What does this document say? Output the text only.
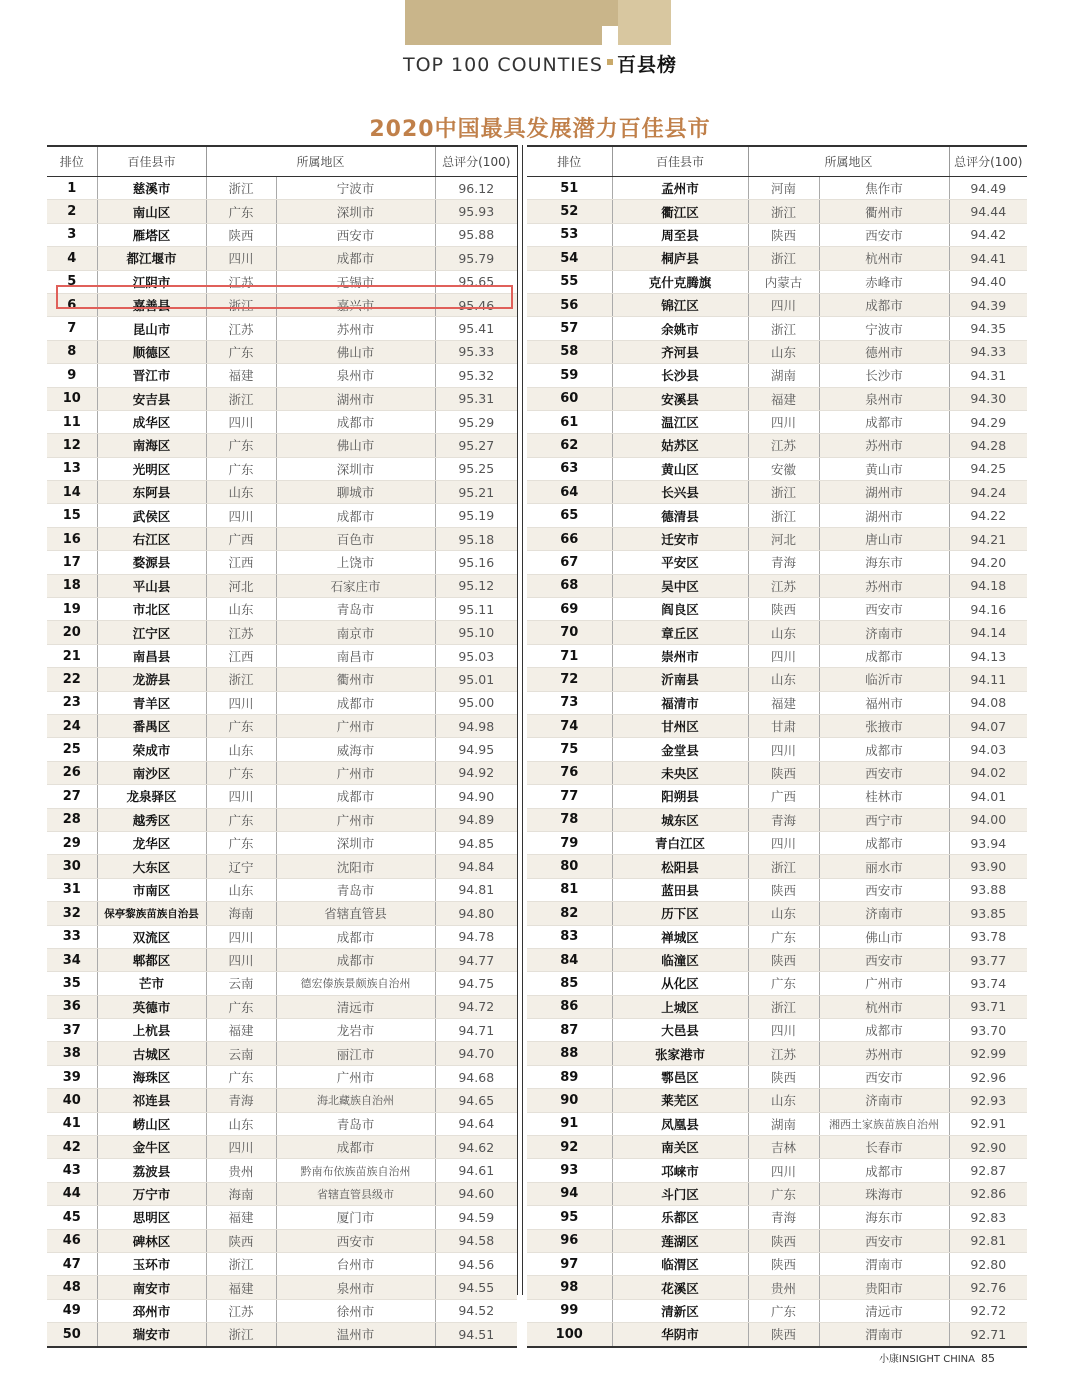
TOP 100 COUNTIES 百县榜
2020中国最具发展潜力百佳县市
排位	百佳县市	所属地区		总评分(100)
1	慈溪市	浙江	宁波市	96.12
2	南山区	广东	深圳市	95.93
3	雁塔区	陕西	西安市	95.88
4	都江堰市	四川	成都市	95.79
5	江阴市	江苏	无锡市	95.65
6	嘉善县	浙江	嘉兴市	95.46
7	昆山市	江苏	苏州市	95.41
8	顺德区	广东	佛山市	95.33
9	晋江市	福建	泉州市	95.32
10	安吉县	浙江	湖州市	95.31
11	成华区	四川	成都市	95.29
12	南海区	广东	佛山市	95.27
13	光明区	广东	深圳市	95.25
14	东阿县	山东	聊城市	95.21
15	武侯区	四川	成都市	95.19
16	右江区	广西	百色市	95.18
17	婺源县	江西	上饶市	95.16
18	平山县	河北	石家庄市	95.12
19	市北区	山东	青岛市	95.11
20	江宁区	江苏	南京市	95.10
21	南昌县	江西	南昌市	95.03
22	龙游县	浙江	衢州市	95.01
23	青羊区	四川	成都市	95.00
24	番禺区	广东	广州市	94.98
25	荣成市	山东	威海市	94.95
26	南沙区	广东	广州市	94.92
27	龙泉驿区	四川	成都市	94.90
28	越秀区	广东	广州市	94.89
29	龙华区	广东	深圳市	94.85
30	大东区	辽宁	沈阳市	94.84
31	市南区	山东	青岛市	94.81
32	保亭黎族苗族自治县	海南	省辖直管县	94.80
33	双流区	四川	成都市	94.78
34	郫都区	四川	成都市	94.77
35	芒市	云南	德宏傣族景颇族自治州	94.75
36	英德市	广东	清远市	94.72
37	上杭县	福建	龙岩市	94.71
38	古城区	云南	丽江市	94.70
39	海珠区	广东	广州市	94.68
40	祁连县	青海	海北藏族自治州	94.65
41	崂山区	山东	青岛市	94.64
42	金牛区	四川	成都市	94.62
43	荔波县	贵州	黔南布依族苗族自治州	94.61
44	万宁市	海南	省辖直管县级市	94.60
45	思明区	福建	厦门市	94.59
46	碑林区	陕西	西安市	94.58
47	玉环市	浙江	台州市	94.56
48	南安市	福建	泉州市	94.55
49	邳州市	江苏	徐州市	94.52
50	瑞安市	浙江	温州市	94.51
排位	百佳县市	所属地区		总评分(100)
51	孟州市	河南	焦作市	94.49
52	衢江区	浙江	衢州市	94.44
53	周至县	陕西	西安市	94.42
54	桐庐县	浙江	杭州市	94.41
55	克什克腾旗	内蒙古	赤峰市	94.40
56	锦江区	四川	成都市	94.39
57	余姚市	浙江	宁波市	94.35
58	齐河县	山东	德州市	94.33
59	长沙县	湖南	长沙市	94.31
60	安溪县	福建	泉州市	94.30
61	温江区	四川	成都市	94.29
62	姑苏区	江苏	苏州市	94.28
63	黄山区	安徽	黄山市	94.25
64	长兴县	浙江	湖州市	94.24
65	德清县	浙江	湖州市	94.22
66	迁安市	河北	唐山市	94.21
67	平安区	青海	海东市	94.20
68	吴中区	江苏	苏州市	94.18
69	阎良区	陕西	西安市	94.16
70	章丘区	山东	济南市	94.14
71	崇州市	四川	成都市	94.13
72	沂南县	山东	临沂市	94.11
73	福清市	福建	福州市	94.08
74	甘州区	甘肃	张掖市	94.07
75	金堂县	四川	成都市	94.03
76	未央区	陕西	西安市	94.02
77	阳朔县	广西	桂林市	94.01
78	城东区	青海	西宁市	94.00
79	青白江区	四川	成都市	93.94
80	松阳县	浙江	丽水市	93.90
81	蓝田县	陕西	西安市	93.88
82	历下区	山东	济南市	93.85
83	禅城区	广东	佛山市	93.78
84	临潼区	陕西	西安市	93.77
85	从化区	广东	广州市	93.74
86	上城区	浙江	杭州市	93.71
87	大邑县	四川	成都市	93.70
88	张家港市	江苏	苏州市	92.99
89	鄠邑区	陕西	西安市	92.96
90	莱芜区	山东	济南市	92.93
91	凤凰县	湖南	湘西土家族苗族自治州	92.91
92	南关区	吉林	长春市	92.90
93	邛崃市	四川	成都市	92.87
94	斗门区	广东	珠海市	92.86
95	乐都区	青海	海东市	92.83
96	莲湖区	陕西	西安市	92.81
97	临渭区	陕西	渭南市	92.80
98	花溪区	贵州	贵阳市	92.76
99	清新区	广东	清远市	92.72
100	华阴市	陕西	渭南市	92.71
小康INSIGHT CHINA 85
